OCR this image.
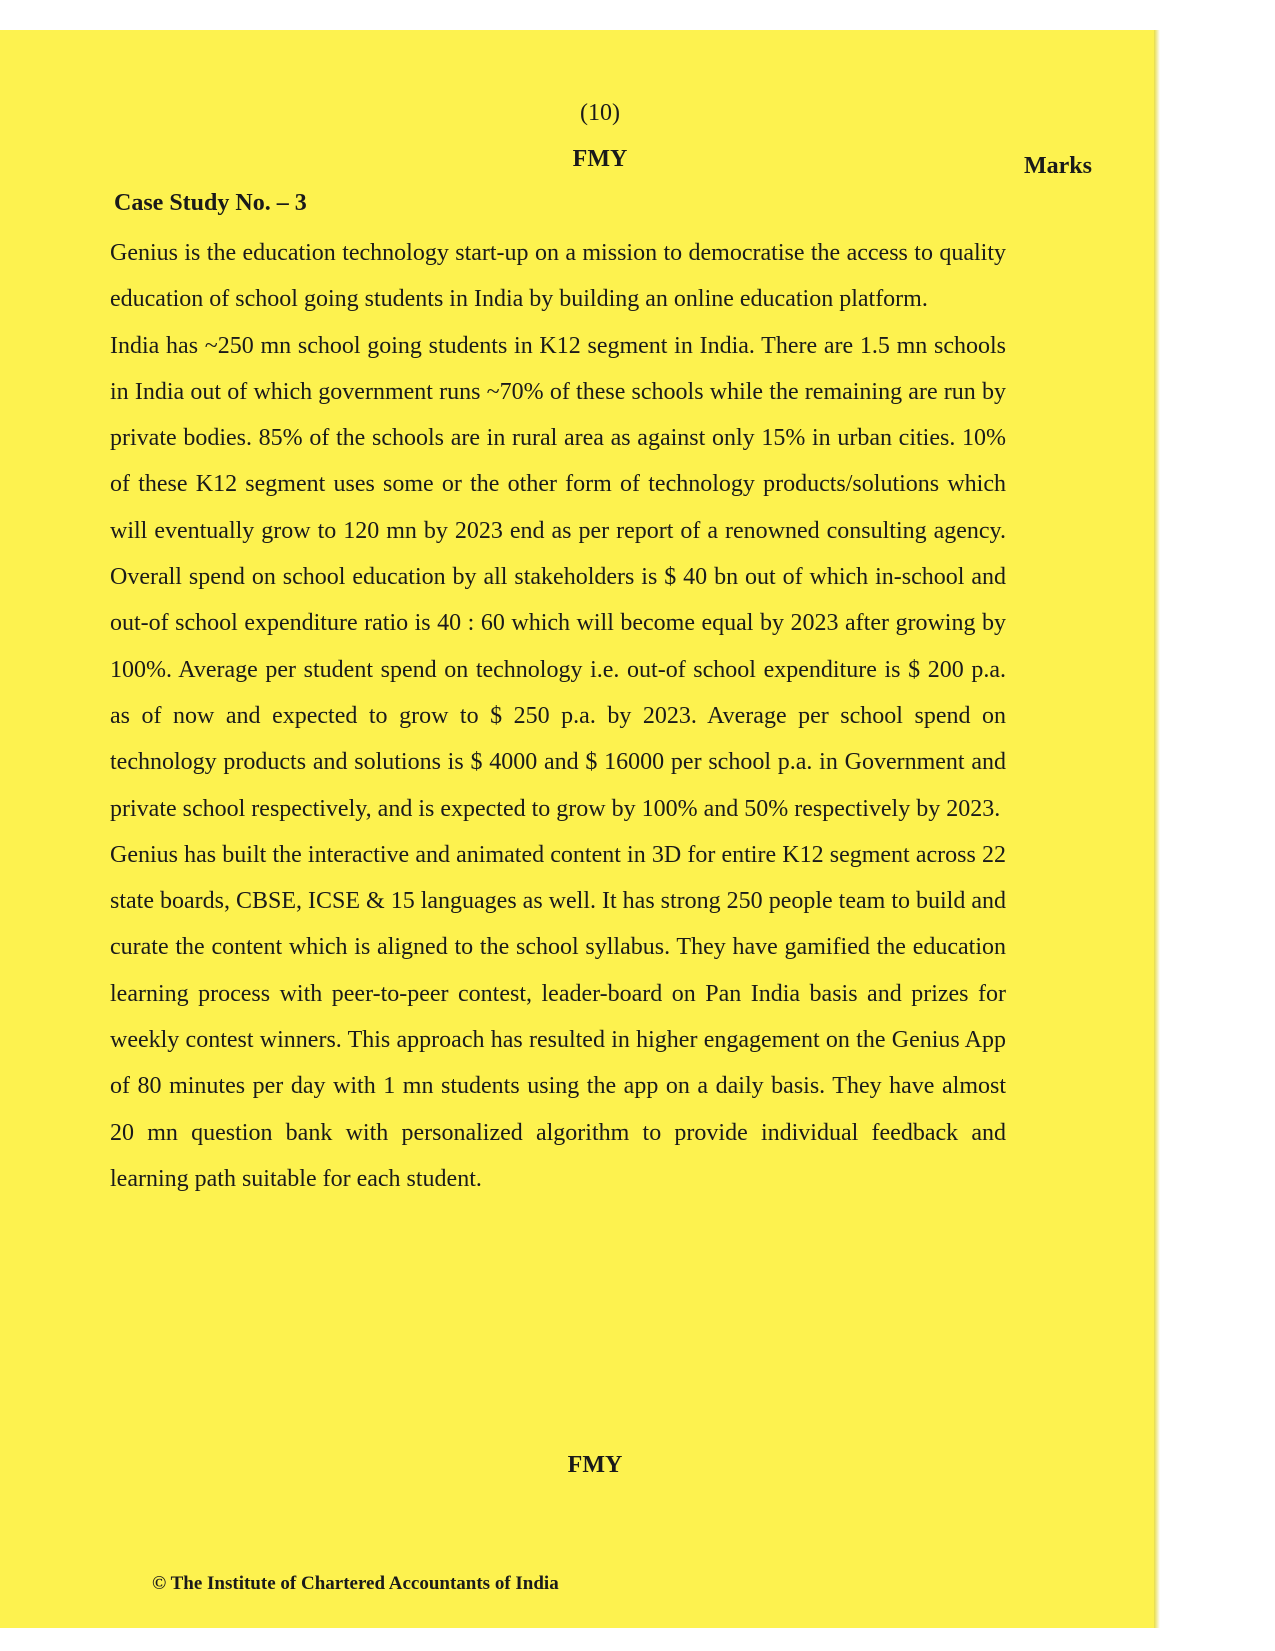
(10)
FMY	Marks
Case Study No. – 3

Genius is the education technology start-up on a mission to democratise the access to quality education of school going students in India by building an online education platform.

India has ~250 mn school going students in K12 segment in India. There are 1.5 mn schools in India out of which government runs ~70% of these schools while the remaining are run by private bodies. 85% of the schools are in rural area as against only 15% in urban cities. 10% of these K12 segment uses some or the other form of technology products/solutions which will eventually grow to 120 mn by 2023 end as per report of a renowned consulting agency. Overall spend on school education by all stakeholders is $ 40 bn out of which in-school and out-of school expenditure ratio is 40 : 60 which will become equal by 2023 after growing by 100%. Average per student spend on technology i.e. out-of school expenditure is $ 200 p.a. as of now and expected to grow to $ 250 p.a. by 2023. Average per school spend on technology products and solutions is $ 4000 and $ 16000 per school p.a. in Government and private school respectively, and is expected to grow by 100% and 50% respectively by 2023.

Genius has built the interactive and animated content in 3D for entire K12 segment across 22 state boards, CBSE, ICSE & 15 languages as well. It has strong 250 people team to build and curate the content which is aligned to the school syllabus. They have gamified the education learning process with peer-to-peer contest, leader-board on Pan India basis and prizes for weekly contest winners. This approach has resulted in higher engagement on the Genius App of 80 minutes per day with 1 mn students using the app on a daily basis. They have almost 20 mn question bank with personalized algorithm to provide individual feedback and learning path suitable for each student.

FMY
© The Institute of Chartered Accountants of India
